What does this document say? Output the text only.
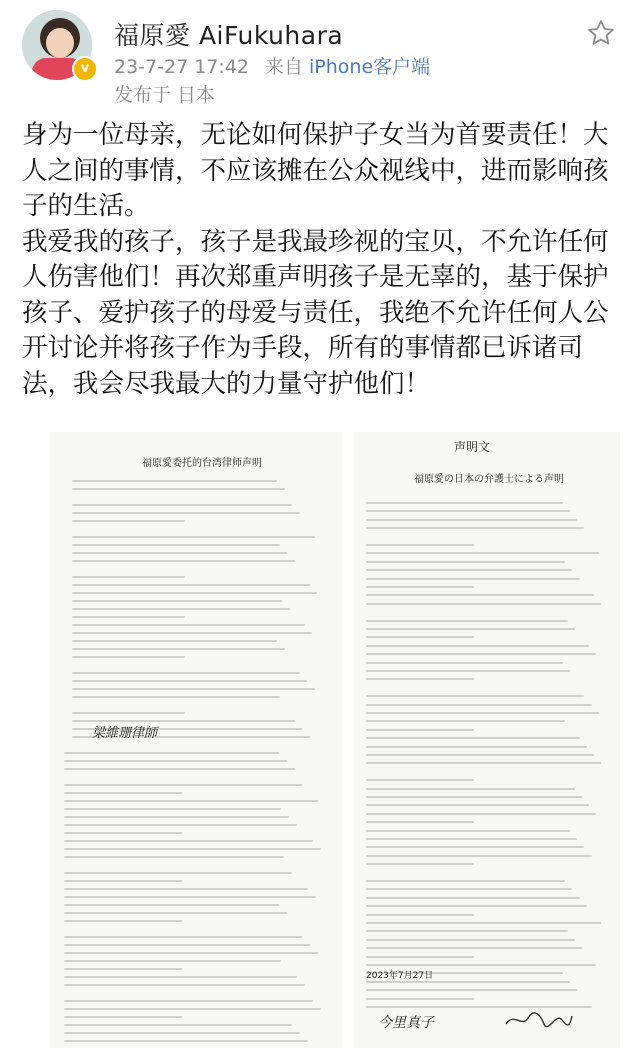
v
福原愛 AiFukuhara
23-7-27 17:42 来自 iPhone客户端
发布于 日本

身为一位母亲，无论如何保护子女当为首要责任！大人之间的事情，不应该摊在公众视线中，进而影响孩子的生活。

我爱我的孩子，孩子是我最珍视的宝贝，不允许任何人伤害他们！再次郑重声明孩子是无辜的，基于保护孩子、爱护孩子的母爱与责任，我绝不允许任何人公开讨论并将孩子作为手段，所有的事情都已诉诸司法，我会尽我最大的力量守护他们！

福原愛委托的台湾律师声明
梁維珊律師
声明文
福原愛の日本の弁護士による声明
2023年7月27日
今里真子
